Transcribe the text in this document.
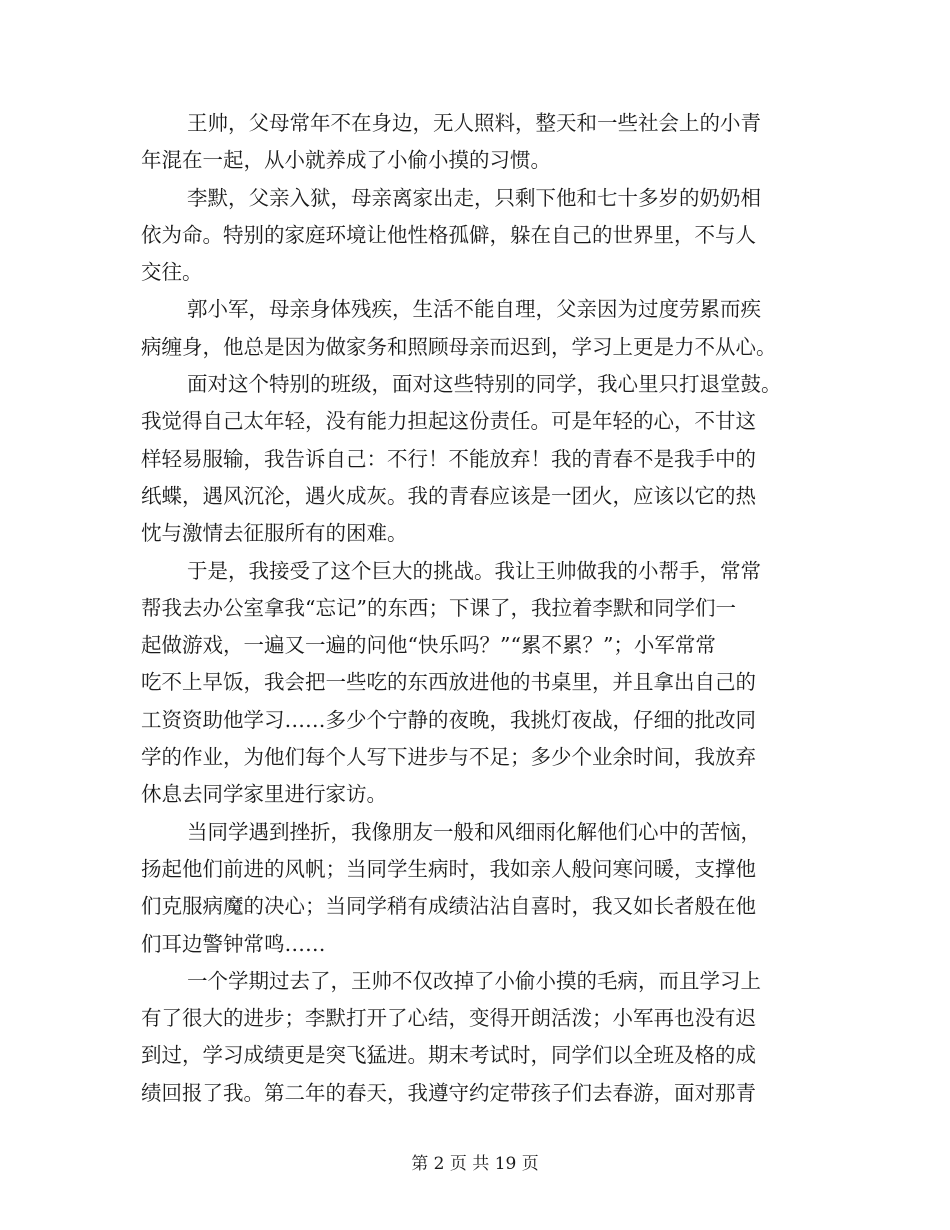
王帅，父母常年不在身边，无人照料，整天和一些社会上的小青
年混在一起，从小就养成了小偷小摸的习惯。
李默，父亲入狱，母亲离家出走，只剩下他和七十多岁的奶奶相
依为命。特别的家庭环境让他性格孤僻，躲在自己的世界里，不与人
交往。
郭小军，母亲身体残疾，生活不能自理，父亲因为过度劳累而疾
病缠身，他总是因为做家务和照顾母亲而迟到，学习上更是力不从心。
面对这个特别的班级，面对这些特别的同学，我心里只打退堂鼓。
我觉得自己太年轻，没有能力担起这份责任。可是年轻的心，不甘这
样轻易服输，我告诉自己：不行！不能放弃！我的青春不是我手中的
纸蝶，遇风沉沦，遇火成灰。我的青春应该是一团火，应该以它的热
忱与激情去征服所有的困难。
于是，我接受了这个巨大的挑战。我让王帅做我的小帮手，常常
帮我去办公室拿我“忘记”的东西；下课了，我拉着李默和同学们一
起做游戏，一遍又一遍的问他“快乐吗？”“累不累？”；小军常常
吃不上早饭，我会把一些吃的东西放进他的书桌里，并且拿出自己的
工资资助他学习……多少个宁静的夜晚，我挑灯夜战，仔细的批改同
学的作业，为他们每个人写下进步与不足；多少个业余时间，我放弃
休息去同学家里进行家访。
当同学遇到挫折，我像朋友一般和风细雨化解他们心中的苦恼，
扬起他们前进的风帆；当同学生病时，我如亲人般问寒问暖，支撑他
们克服病魔的决心；当同学稍有成绩沾沾自喜时，我又如长者般在他
们耳边警钟常鸣……
一个学期过去了，王帅不仅改掉了小偷小摸的毛病，而且学习上
有了很大的进步；李默打开了心结，变得开朗活泼；小军再也没有迟
到过，学习成绩更是突飞猛进。期末考试时，同学们以全班及格的成
绩回报了我。第二年的春天，我遵守约定带孩子们去春游，面对那青
第 2 页 共 19 页
